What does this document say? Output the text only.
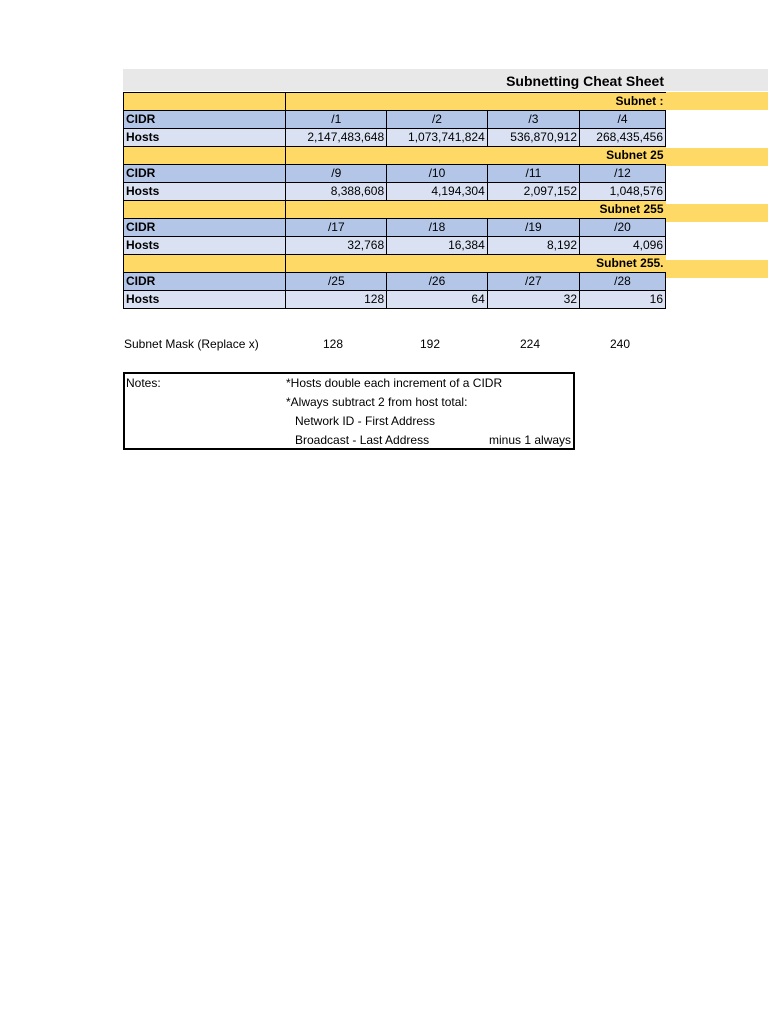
Subnetting Cheat Sheet
	Subnet :			
CIDR	/1	/2	/3	/4
Hosts	2,147,483,648	1,073,741,824	536,870,912	268,435,456
	Subnet 25			
CIDR	/9	/10	/11	/12
Hosts	8,388,608	4,194,304	2,097,152	1,048,576
	Subnet 255			
CIDR	/17	/18	/19	/20
Hosts	32,768	16,384	8,192	4,096
	Subnet 255.			
CIDR	/25	/26	/27	/28
Hosts	128	64	32	16
Subnet Mask (Replace x)	128	192	224	240
Notes:	*Hosts double each increment of a CIDR
*Always subtract 2 from host total:
Network ID - First Address
Broadcast - Last Address	minus 1 always
